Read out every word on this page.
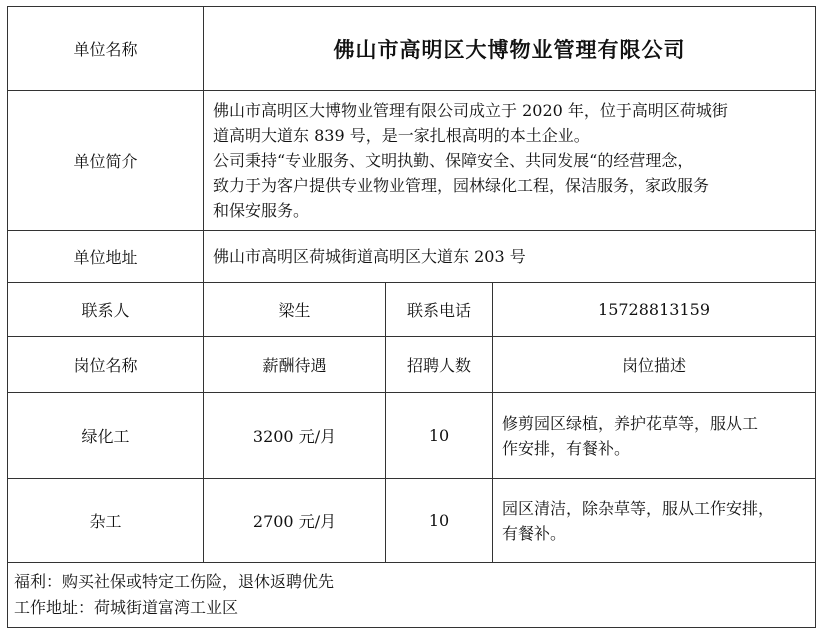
单位名称	佛山市高明区大博物业管理有限公司		
单位简介	佛山市高明区大博物业管理有限公司成立于 2020 年，位于高明区荷城街
道高明大道东 839 号，是一家扎根高明的本土企业。
公司秉持“专业服务、文明执勤、保障安全、共同发展“的经营理念，
致力于为客户提供专业物业管理，园林绿化工程，保洁服务，家政服务
和保安服务。		

单位地址	佛山市高明区荷城街道高明区大道东 203 号		
联系人	梁生	联系电话	15728813159
岗位名称	薪酬待遇	招聘人数	岗位描述
绿化工	3200 元/月	10	修剪园区绿植，养护花草等，服从工
作安排，有餐补。

杂工	2700 元/月	10	园区清洁，除杂草等，服从工作安排，
有餐补。

福利：购买社保或特定工伤险，退休返聘优先
工作地址：荷城街道富湾工业区			
